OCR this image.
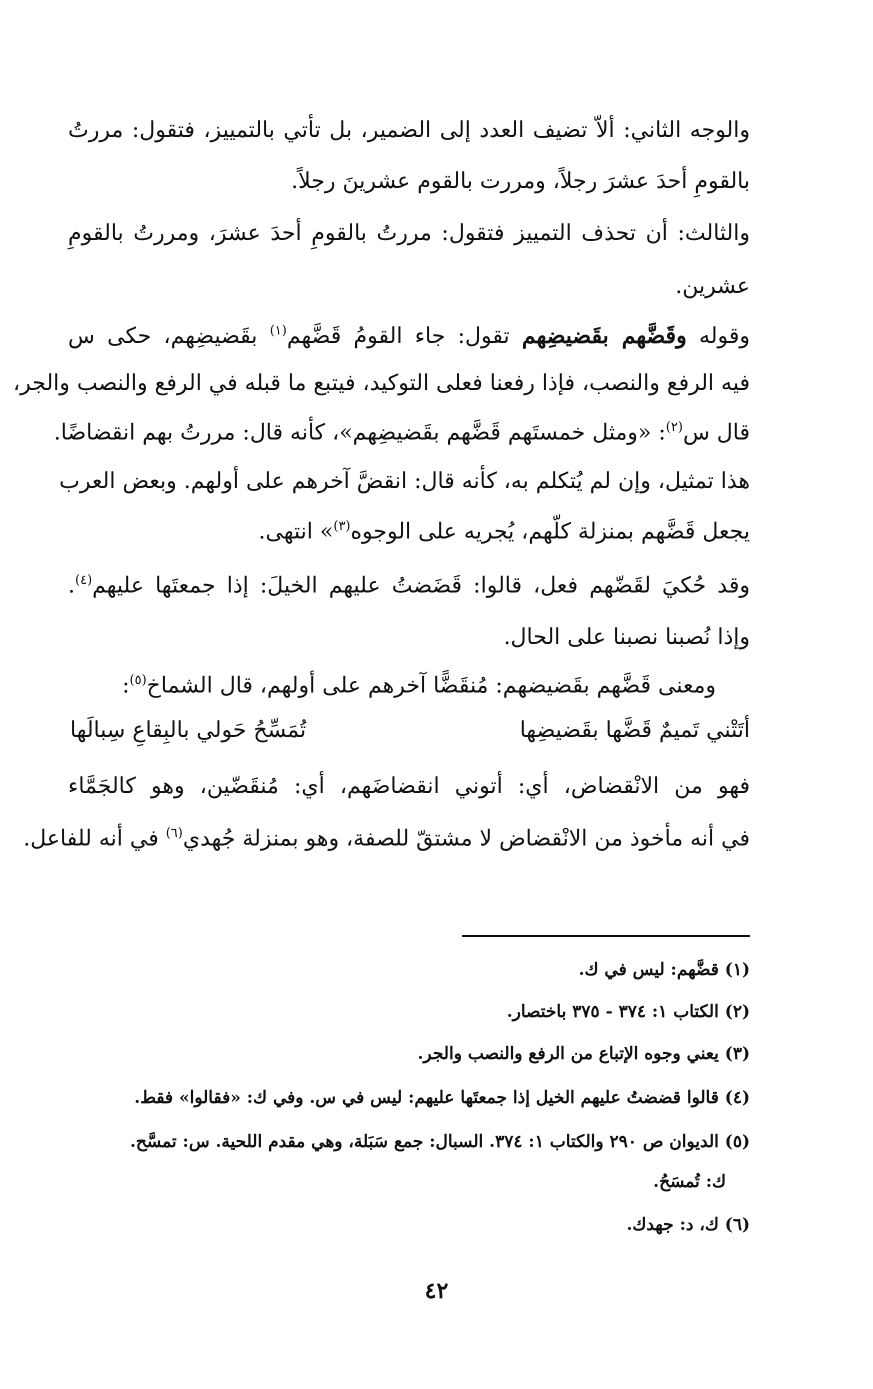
والوجه الثاني: ألاّ تضيف العدد إلى الضمير، بل تأتي بالتمييز، فتقول: مررتُ
بالقومِ أحدَ عشرَ رجلاً، ومررت بالقوم عشرينَ رجلاً.
والثالث: أن تحذف التمييز فتقول: مررتُ بالقومِ أحدَ عشرَ، ومررتُ بالقومِ
عشرين.
وقوله وقَضَّهم بقَضيضِهم تقول: جاء القومُ قَضَّهم$^{(١)}$ بقَضيضِهم، حكى س
فيه الرفع والنصب، فإذا رفعنا فعلى التوكيد، فيتبع ما قبله في الرفع والنصب والجر،
قال س$^{(٢)}$: «ومثل خمستَهم قَضَّهم بقَضيضِهم»، كأنه قال: مررتُ بهم انقضاضًا.
هذا تمثيل، وإن لم يُتكلم به، كأنه قال: انقضَّ آخرهم على أولهم. وبعض العرب
يجعل قَضَّهم بمنزلة كلّهم، يُجريه على الوجوه$^{(٣)}$» انتهى.
وقد حُكيَ لقَضّهم فعل، قالوا: قَضَضتُ عليهم الخيلَ: إذا جمعتَها عليهم$^{(٤)}$.
وإذا نُصبنا نصبنا على الحال.
ومعنى قَضَّهم بقَضيضهم: مُنقَضًّا آخرهم على أولهم، قال الشماخ$^{(٥)}$:
فهو من الانْقضاض، أي: أتوني انقضاضَهم، أي: مُنقَضّين، وهو كالجَمَّاء
في أنه مأخوذ من الانْقضاض لا مشتقّ للصفة، وهو بمنزلة جُهدي$^{(٦)}$ في أنه للفاعل.
أتَتْني تَميمٌ قَضَّها بقَضيضِها
تُمَسِّحُ حَولي بالبِقاعِ سِبالَها
(١) قضَّهم: ليس في ك.
(٢) الكتاب ١: ٣٧٤ - ٣٧٥ باختصار.
(٣) يعني وجوه الإتباع من الرفع والنصب والجر.
(٤) قالوا قضضتُ عليهم الخيل إذا جمعتَها عليهم: ليس في س. وفي ك: «فقالوا» فقط.
(٥) الديوان ص ٢٩٠ والكتاب ١: ٣٧٤. السبال: جمع سَبَلة، وهي مقدم اللحية. س: تمسَّح.
ك: تُمسَحُ.
(٦) ك، د: جهدك.
٤٢
